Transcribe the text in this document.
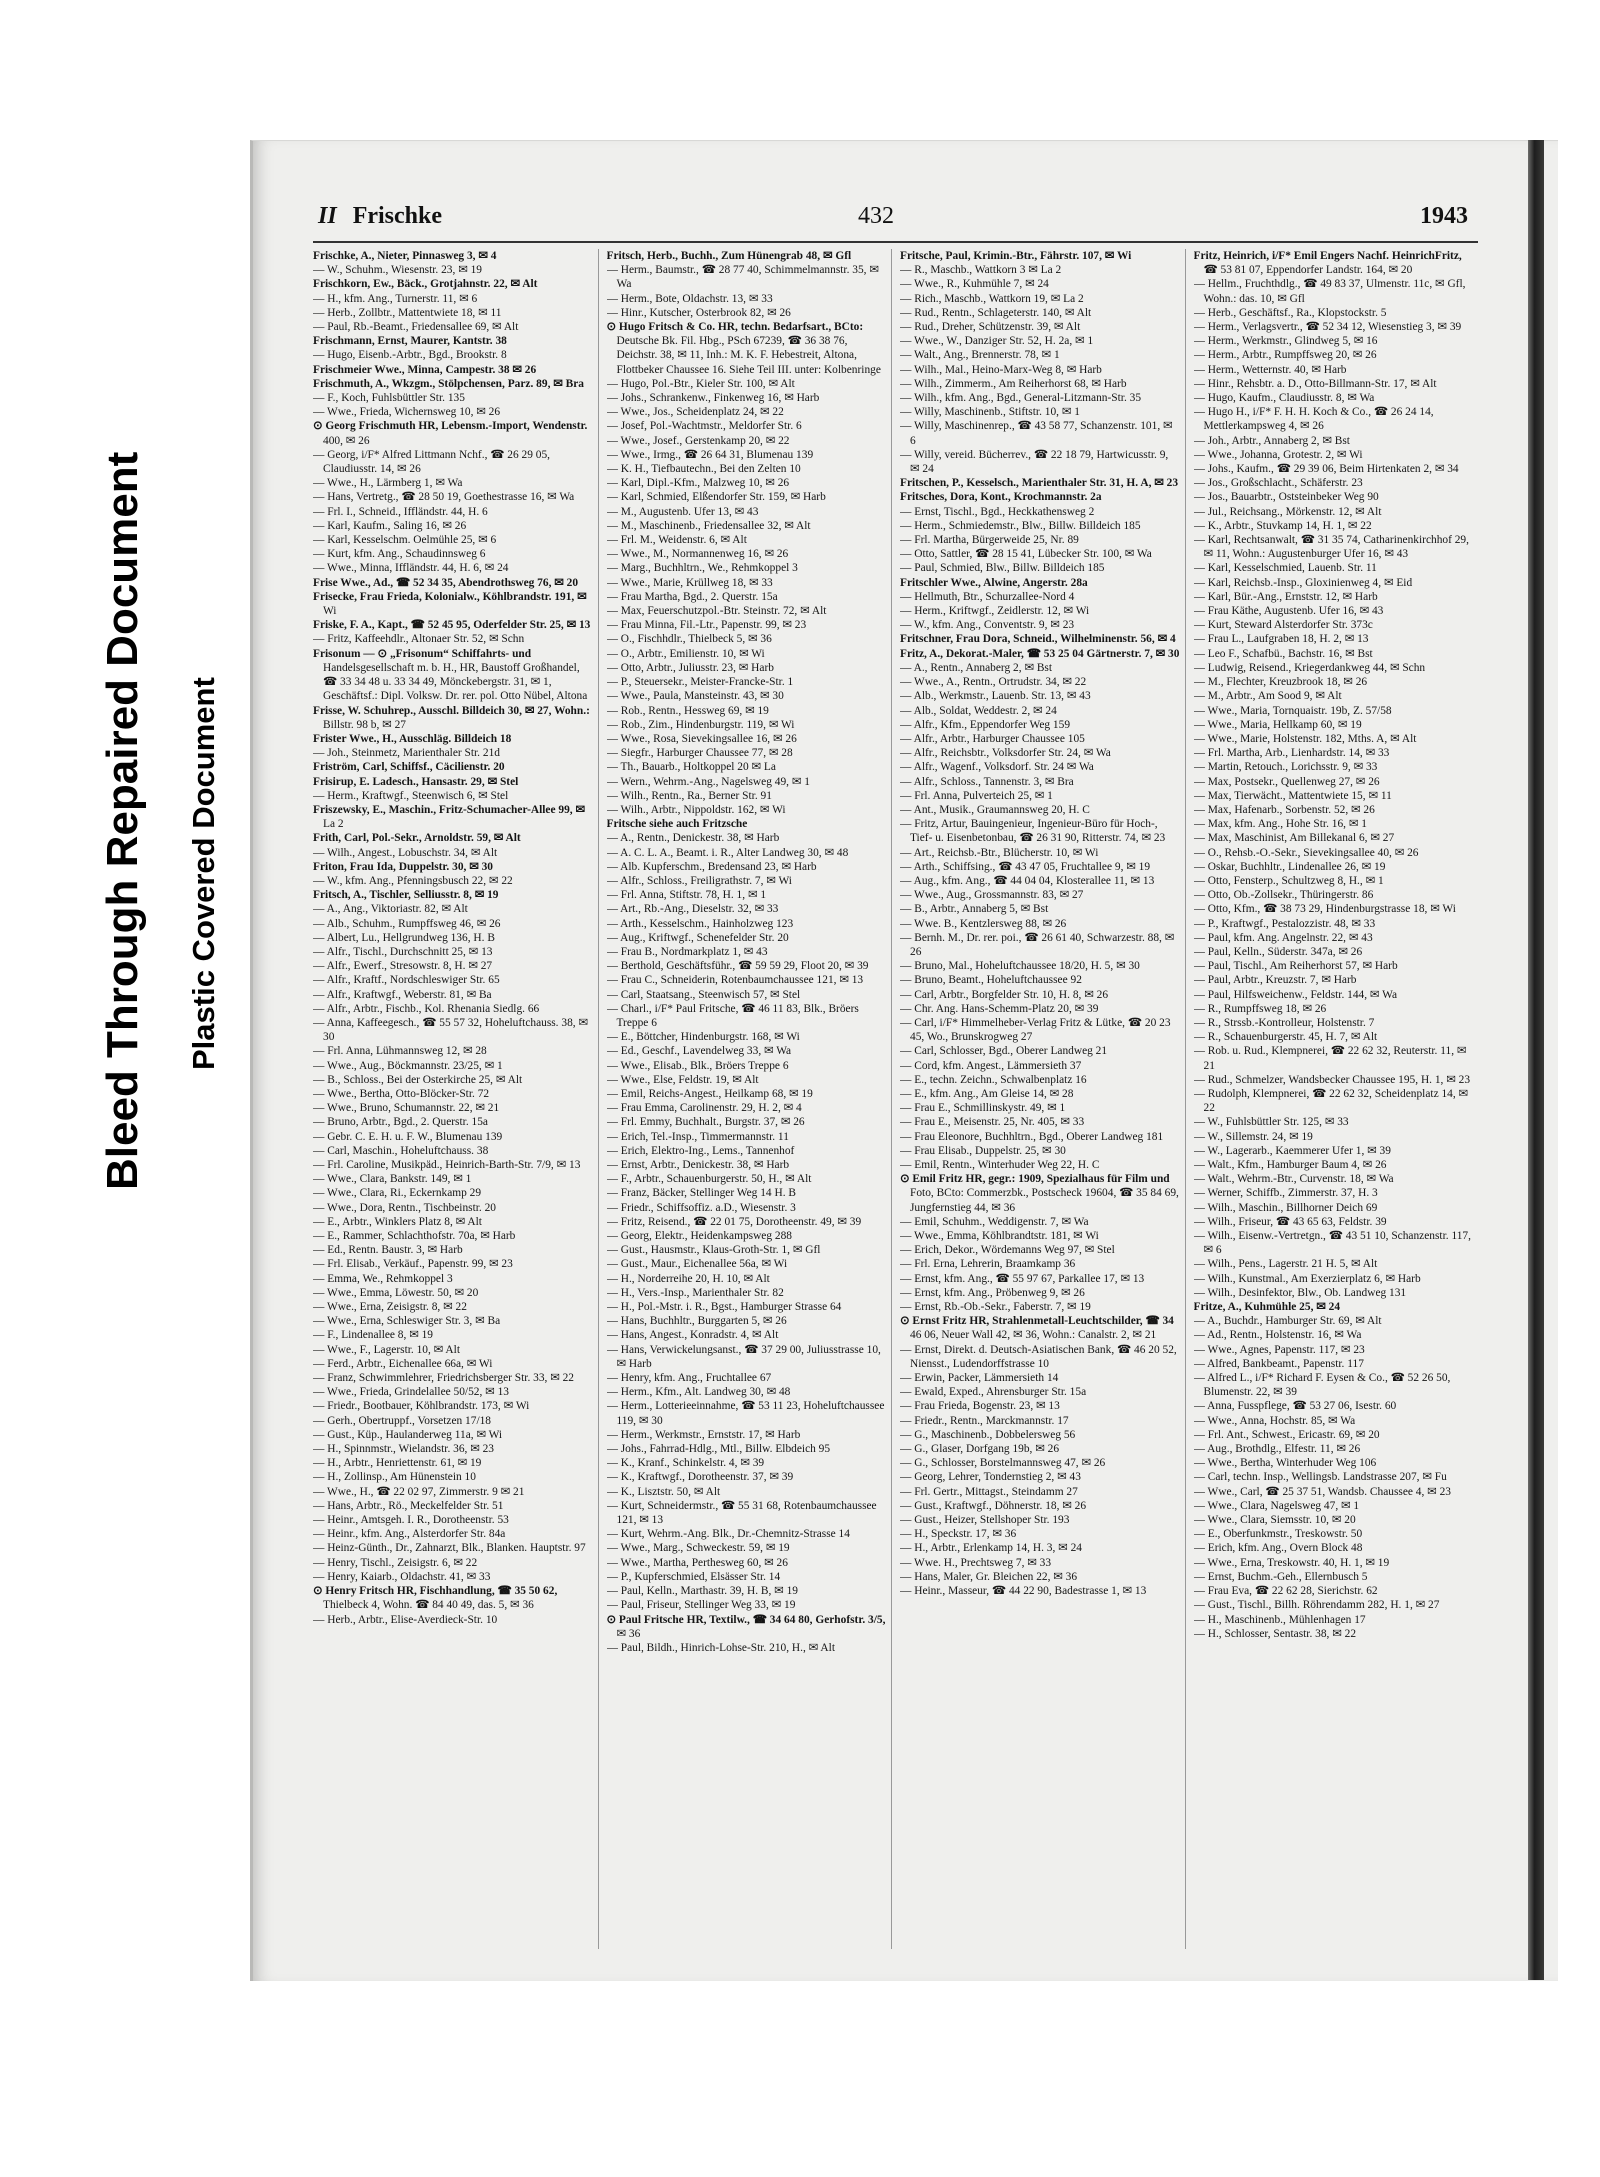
Bleed Through Repaired Document Plastic Covered Document
II Frischke	432	1943

Frischke, A., Nieter, Pinnasweg 3, ✉ 4

— W., Schuhm., Wiesenstr. 23, ✉ 19

Frischkorn, Ew., Bäck., Grotjahnstr. 22, ✉ Alt

— H., kfm. Ang., Turnerstr. 11, ✉ 6

— Herb., Zollbtr., Mattentwiete 18, ✉ 11

— Paul, Rb.-Beamt., Friedensallee 69, ✉ Alt

Frischmann, Ernst, Maurer, Kantstr. 38

— Hugo, Eisenb.-Arbtr., Bgd., Brookstr. 8

Frischmeier Wwe., Minna, Campestr. 38 ✉ 26

Frischmuth, A., Wkzgm., Stölpchensen, Parz. 89, ✉ Bra

— F., Koch, Fuhlsbüttler Str. 135

— Wwe., Frieda, Wichernsweg 10, ✉ 26

⊙ Georg Frischmuth HR, Lebensm.-Import, Wendenstr. 400, ✉ 26

— Georg, i/F* Alfred Littmann Nchf., ☎ 26 29 05, Claudiusstr. 14, ✉ 26

— Wwe., H., Lärmberg 1, ✉ Wa

— Hans, Vertretg., ☎ 28 50 19, Goethestrasse 16, ✉ Wa

— Frl. I., Schneid., Iffländstr. 44, H. 6

— Karl, Kaufm., Saling 16, ✉ 26

— Karl, Kesselschm. Oelmühle 25, ✉ 6

— Kurt, kfm. Ang., Schaudinnsweg 6

— Wwe., Minna, Iffländstr. 44, H. 6, ✉ 24

Frise Wwe., Ad., ☎ 52 34 35, Abendrothsweg 76, ✉ 20

Frisecke, Frau Frieda, Kolonialw., Köhlbrandstr. 191, ✉ Wi

Friske, F. A., Kapt., ☎ 52 45 95, Oderfelder Str. 25, ✉ 13

— Fritz, Kaffeehdlr., Altonaer Str. 52, ✉ Schn

Frisonum — ⊙ „Frisonum“ Schiffahrts- und Handelsgesellschaft m. b. H., HR, Baustoff Großhandel, ☎ 33 34 48 u. 33 34 49, Mönckebergstr. 31, ✉ 1, Geschäftsf.: Dipl. Volksw. Dr. rer. pol. Otto Nübel, Altona

Frisse, W. Schuhrep., Ausschl. Billdeich 30, ✉ 27, Wohn.: Billstr. 98 b, ✉ 27

Frister Wwe., H., Ausschläg. Billdeich 18

— Joh., Steinmetz, Marienthaler Str. 21d

Friström, Carl, Schiffsf., Cäcilienstr. 20

Frisirup, E. Ladesch., Hansastr. 29, ✉ Stel

— Herm., Kraftwgf., Steenwisch 6, ✉ Stel

Friszewsky, E., Maschin., Fritz-Schumacher-Allee 99, ✉ La 2

Frith, Carl, Pol.-Sekr., Arnoldstr. 59, ✉ Alt

— Wilh., Angest., Lobuschstr. 34, ✉ Alt

Friton, Frau Ida, Duppelstr. 30, ✉ 30

— W., kfm. Ang., Pfenningsbusch 22, ✉ 22

Fritsch, A., Tischler, Selliusstr. 8, ✉ 19

— A., Ang., Viktoriastr. 82, ✉ Alt

— Alb., Schuhm., Rumpffsweg 46, ✉ 26

— Albert, Lu., Hellgrundweg 136, H. B

— Alfr., Tischl., Durchschnitt 25, ✉ 13

— Alfr., Ewerf., Stresowstr. 8, H. ✉ 27

— Alfr., Kraftf., Nordschleswiger Str. 65

— Alfr., Kraftwgf., Weberstr. 81, ✉ Ba

— Alfr., Arbtr., Fischb., Kol. Rhenania Siedlg. 66

— Anna, Kaffeegesch., ☎ 55 57 32, Hoheluftchauss. 38, ✉ 30

— Frl. Anna, Lühmannsweg 12, ✉ 28

— Wwe., Aug., Böckmannstr. 23/25, ✉ 1

— B., Schloss., Bei der Osterkirche 25, ✉ Alt

— Wwe., Bertha, Otto-Blöcker-Str. 72

— Wwe., Bruno, Schumannstr. 22, ✉ 21

— Bruno, Arbtr., Bgd., 2. Querstr. 15a

— Gebr. C. E. H. u. F. W., Blumenau 139

— Carl, Maschin., Hoheluftchauss. 38

— Frl. Caroline, Musikpäd., Heinrich-Barth-Str. 7/9, ✉ 13

— Wwe., Clara, Bankstr. 149, ✉ 1

— Wwe., Clara, Ri., Eckernkamp 29

— Wwe., Dora, Rentn., Tischbeinstr. 20

— E., Arbtr., Winklers Platz 8, ✉ Alt

— E., Rammer, Schlachthofstr. 70a, ✉ Harb

— Ed., Rentn. Baustr. 3, ✉ Harb

— Frl. Elisab., Verkäuf., Papenstr. 99, ✉ 23

— Emma, We., Rehmkoppel 3

— Wwe., Emma, Löwestr. 50, ✉ 20

— Wwe., Erna, Zeisigstr. 8, ✉ 22

— Wwe., Erna, Schleswiger Str. 3, ✉ Ba

— F., Lindenallee 8, ✉ 19

— Wwe., F., Lagerstr. 10, ✉ Alt

— Ferd., Arbtr., Eichenallee 66a, ✉ Wi

— Franz, Schwimmlehrer, Friedrichsberger Str. 33, ✉ 22

— Wwe., Frieda, Grindelallee 50/52, ✉ 13

— Friedr., Bootbauer, Köhlbrandstr. 173, ✉ Wi

— Gerh., Obertruppf., Vorsetzen 17/18

— Gust., Küp., Haulanderweg 11a, ✉ Wi

— H., Spinnmstr., Wielandstr. 36, ✉ 23

— H., Arbtr., Henriettenstr. 61, ✉ 19

— H., Zollinsp., Am Hünenstein 10

— Wwe., H., ☎ 22 02 97, Zimmerstr. 9 ✉ 21

— Hans, Arbtr., Rö., Meckelfelder Str. 51

— Heinr., Amtsgeh. I. R., Dorotheenstr. 53

— Heinr., kfm. Ang., Alsterdorfer Str. 84a

— Heinz-Günth., Dr., Zahnarzt, Blk., Blanken. Hauptstr. 97

— Henry, Tischl., Zeisigstr. 6, ✉ 22

— Henry, Kaiarb., Oldachstr. 41, ✉ 33

⊙ Henry Fritsch HR, Fischhandlung, ☎ 35 50 62, Thielbeck 4, Wohn. ☎ 84 40 49, das. 5, ✉ 36

— Herb., Arbtr., Elise-Averdieck-Str. 10

Fritsch, Herb., Buchh., Zum Hünengrab 48, ✉ Gfl

— Herm., Baumstr., ☎ 28 77 40, Schimmelmannstr. 35, ✉ Wa

— Herm., Bote, Oldachstr. 13, ✉ 33

— Hinr., Kutscher, Osterbrook 82, ✉ 26

⊙ Hugo Fritsch & Co. HR, techn. Bedarfsart., BCto: Deutsche Bk. Fil. Hbg., PSch 67239, ☎ 36 38 76, Deichstr. 38, ✉ 11, Inh.: M. K. F. Hebestreit, Altona, Flottbeker Chaussee 16. Siehe Teil III. unter: Kolbenringe

— Hugo, Pol.-Btr., Kieler Str. 100, ✉ Alt

— Johs., Schrankenw., Finkenweg 16, ✉ Harb

— Wwe., Jos., Scheidenplatz 24, ✉ 22

— Josef, Pol.-Wachtmstr., Meldorfer Str. 6

— Wwe., Josef., Gerstenkamp 20, ✉ 22

— Wwe., Irmg., ☎ 26 64 31, Blumenau 139

— K. H., Tiefbautechn., Bei den Zelten 10

— Karl, Dipl.-Kfm., Malzweg 10, ✉ 26

— Karl, Schmied, Elßendorfer Str. 159, ✉ Harb

— M., Augustenb. Ufer 13, ✉ 43

— M., Maschinenb., Friedensallee 32, ✉ Alt

— Frl. M., Weidenstr. 6, ✉ Alt

— Wwe., M., Normannenweg 16, ✉ 26

— Marg., Buchhltrn., We., Rehmkoppel 3

— Wwe., Marie, Krüllweg 18, ✉ 33

— Frau Martha, Bgd., 2. Querstr. 15a

— Max, Feuerschutzpol.-Btr. Steinstr. 72, ✉ Alt

— Frau Minna, Fil.-Ltr., Papenstr. 99, ✉ 23

— O., Fischhdlr., Thielbeck 5, ✉ 36

— O., Arbtr., Emilienstr. 10, ✉ Wi

— Otto, Arbtr., Juliusstr. 23, ✉ Harb

— P., Steuersekr., Meister-Francke-Str. 1

— Wwe., Paula, Mansteinstr. 43, ✉ 30

— Rob., Rentn., Hessweg 69, ✉ 19

— Rob., Zim., Hindenburgstr. 119, ✉ Wi

— Wwe., Rosa, Sievekingsallee 16, ✉ 26

— Siegfr., Harburger Chaussee 77, ✉ 28

— Th., Bauarb., Holtkoppel 20 ✉ La

— Wern., Wehrm.-Ang., Nagelsweg 49, ✉ 1

— Wilh., Rentn., Ra., Berner Str. 91

— Wilh., Arbtr., Nippoldstr. 162, ✉ Wi

Fritsche siehe auch Fritzsche

— A., Rentn., Denickestr. 38, ✉ Harb

— A. C. L. A., Beamt. i. R., Alter Landweg 30, ✉ 48

— Alb. Kupferschm., Bredensand 23, ✉ Harb

— Alfr., Schloss., Freiligrathstr. 7, ✉ Wi

— Frl. Anna, Stiftstr. 78, H. 1, ✉ 1

— Art., Rb.-Ang., Dieselstr. 32, ✉ 33

— Arth., Kesselschm., Hainholzweg 123

— Aug., Kriftwgf., Schenefelder Str. 20

— Frau B., Nordmarkplatz 1, ✉ 43

— Berthold, Geschäftsführ., ☎ 59 59 29, Floot 20, ✉ 39

— Frau C., Schneiderin, Rotenbaumchaussee 121, ✉ 13

— Carl, Staatsang., Steenwisch 57, ✉ Stel

— Charl., i/F* Paul Fritsche, ☎ 46 11 83, Blk., Bröers Treppe 6

— E., Böttcher, Hindenburgstr. 168, ✉ Wi

— Ed., Geschf., Lavendelweg 33, ✉ Wa

— Wwe., Elisab., Blk., Bröers Treppe 6

— Wwe., Else, Feldstr. 19, ✉ Alt

— Emil, Reichs-Angest., Heilkamp 68, ✉ 19

— Frau Emma, Carolinenstr. 29, H. 2, ✉ 4

— Frl. Emmy, Buchhalt., Burgstr. 37, ✉ 26

— Erich, Tel.-Insp., Timmermannstr. 11

— Erich, Elektro-Ing., Lems., Tannenhof

— Ernst, Arbtr., Denickestr. 38, ✉ Harb

— F., Arbtr., Schauenburgerstr. 50, H., ✉ Alt

— Franz, Bäcker, Stellinger Weg 14 H. B

— Friedr., Schiffsoffiz. a.D., Wiesenstr. 3

— Fritz, Reisend., ☎ 22 01 75, Dorotheenstr. 49, ✉ 39

— Georg, Elektr., Heidenkampsweg 288

— Gust., Hausmstr., Klaus-Groth-Str. 1, ✉ Gfl

— Gust., Maur., Eichenallee 56a, ✉ Wi

— H., Norderreihe 20, H. 10, ✉ Alt

— H., Vers.-Insp., Marienthaler Str. 82

— H., Pol.-Mstr. i. R., Bgst., Hamburger Strasse 64

— Hans, Buchhltr., Burggarten 5, ✉ 26

— Hans, Angest., Konradstr. 4, ✉ Alt

— Hans, Verwickelungsanst., ☎ 37 29 00, Juliusstrasse 10, ✉ Harb

— Henry, kfm. Ang., Fruchtallee 67

— Herm., Kfm., Alt. Landweg 30, ✉ 48

— Herm., Lotterieeinnahme, ☎ 53 11 23, Hoheluftchaussee 119, ✉ 30

— Herm., Werkmstr., Ernststr. 17, ✉ Harb

— Johs., Fahrrad-Hdlg., Mtl., Billw. Elbdeich 95

— K., Kranf., Schinkelstr. 4, ✉ 39

— K., Kraftwgf., Dorotheenstr. 37, ✉ 39

— K., Lisztstr. 50, ✉ Alt

— Kurt, Schneidermstr., ☎ 55 31 68, Rotenbaumchaussee 121, ✉ 13

— Kurt, Wehrm.-Ang. Blk., Dr.-Chemnitz-Strasse 14

— Wwe., Marg., Schweckestr. 59, ✉ 19

— Wwe., Martha, Perthesweg 60, ✉ 26

— P., Kupferschmied, Elsässer Str. 14

— Paul, Kelln., Marthastr. 39, H. B, ✉ 19

— Paul, Friseur, Stellinger Weg 33, ✉ 19

⊙ Paul Fritsche HR, Textilw., ☎ 34 64 80, Gerhofstr. 3/5, ✉ 36

— Paul, Bildh., Hinrich-Lohse-Str. 210, H., ✉ Alt

Fritsche, Paul, Krimin.-Btr., Fährstr. 107, ✉ Wi

— R., Maschb., Wattkorn 3 ✉ La 2

— Wwe., R., Kuhmühle 7, ✉ 24

— Rich., Maschb., Wattkorn 19, ✉ La 2

— Rud., Rentn., Schlageterstr. 140, ✉ Alt

— Rud., Dreher, Schützenstr. 39, ✉ Alt

— Wwe., W., Danziger Str. 52, H. 2a, ✉ 1

— Walt., Ang., Brennerstr. 78, ✉ 1

— Wilh., Mal., Heino-Marx-Weg 8, ✉ Harb

— Wilh., Zimmerm., Am Reiherhorst 68, ✉ Harb

— Wilh., kfm. Ang., Bgd., General-Litzmann-Str. 35

— Willy, Maschinenb., Stiftstr. 10, ✉ 1

— Willy, Maschinenrep., ☎ 43 58 77, Schanzenstr. 101, ✉ 6

— Willy, vereid. Bücherrev., ☎ 22 18 79, Hartwicusstr. 9, ✉ 24

Fritschen, P., Kesselsch., Marienthaler Str. 31, H. A, ✉ 23

Fritsches, Dora, Kont., Krochmannstr. 2a

— Ernst, Tischl., Bgd., Heckkathensweg 2

— Herm., Schmiedemstr., Blw., Billw. Billdeich 185

— Frl. Martha, Bürgerweide 25, Nr. 89

— Otto, Sattler, ☎ 28 15 41, Lübecker Str. 100, ✉ Wa

— Paul, Schmied, Blw., Billw. Billdeich 185

Fritschler Wwe., Alwine, Angerstr. 28a

— Hellmuth, Btr., Schurzallee-Nord 4

— Herm., Kriftwgf., Zeidlerstr. 12, ✉ Wi

— W., kfm. Ang., Conventstr. 9, ✉ 23

Fritschner, Frau Dora, Schneid., Wilhelminenstr. 56, ✉ 4

Fritz, A., Dekorat.-Maler, ☎ 53 25 04 Gärtnerstr. 7, ✉ 30

— A., Rentn., Annaberg 2, ✉ Bst

— Wwe., A., Rentn., Ortrudstr. 34, ✉ 22

— Alb., Werkmstr., Lauenb. Str. 13, ✉ 43

— Alb., Soldat, Weddestr. 2, ✉ 24

— Alfr., Kfm., Eppendorfer Weg 159

— Alfr., Arbtr., Harburger Chaussee 105

— Alfr., Reichsbtr., Volksdorfer Str. 24, ✉ Wa

— Alfr., Wagenf., Volksdorf. Str. 24 ✉ Wa

— Alfr., Schloss., Tannenstr. 3, ✉ Bra

— Frl. Anna, Pulverteich 25, ✉ 1

— Ant., Musik., Graumannsweg 20, H. C

— Fritz, Artur, Bauingenieur, Ingenieur-Büro für Hoch-, Tief- u. Eisenbetonbau, ☎ 26 31 90, Ritterstr. 74, ✉ 23

— Art., Reichsb.-Btr., Blücherstr. 10, ✉ Wi

— Arth., Schiffsing., ☎ 43 47 05, Fruchtallee 9, ✉ 19

— Aug., kfm. Ang., ☎ 44 04 04, Klosterallee 11, ✉ 13

— Wwe., Aug., Grossmannstr. 83, ✉ 27

— B., Arbtr., Annaberg 5, ✉ Bst

— Wwe. B., Kentzlersweg 88, ✉ 26

— Bernh. M., Dr. rer. poi., ☎ 26 61 40, Schwarzestr. 88, ✉ 26

— Bruno, Mal., Hoheluftchaussee 18/20, H. 5, ✉ 30

— Bruno, Beamt., Hoheluftchaussee 92

— Carl, Arbtr., Borgfelder Str. 10, H. 8, ✉ 26

— Chr. Ang. Hans-Schemm-Platz 20, ✉ 39

— Carl, i/F* Himmelheber-Verlag Fritz & Lütke, ☎ 20 23 45, Wo., Brunskrogweg 27

— Carl, Schlosser, Bgd., Oberer Landweg 21

— Cord, kfm. Angest., Lämmersieth 37

— E., techn. Zeichn., Schwalbenplatz 16

— E., kfm. Ang., Am Gleise 14, ✉ 28

— Frau E., Schmillinskystr. 49, ✉ 1

— Frau E., Meisenstr. 25, Nr. 405, ✉ 33

— Frau Eleonore, Buchhltrn., Bgd., Oberer Landweg 181

— Frau Elisab., Duppelstr. 25, ✉ 30

— Emil, Rentn., Winterhuder Weg 22, H. C

⊙ Emil Fritz HR, gegr.: 1909, Spezialhaus für Film und Foto, BCto: Commerzbk., Postscheck 19604, ☎ 35 84 69, Jungfernstieg 44, ✉ 36

— Emil, Schuhm., Weddigenstr. 7, ✉ Wa

— Wwe., Emma, Köhlbrandtstr. 181, ✉ Wi

— Erich, Dekor., Wördemanns Weg 97, ✉ Stel

— Frl. Erna, Lehrerin, Braamkamp 36

— Ernst, kfm. Ang., ☎ 55 97 67, Parkallee 17, ✉ 13

— Ernst, kfm. Ang., Pröbenweg 9, ✉ 26

— Ernst, Rb.-Ob.-Sekr., Faberstr. 7, ✉ 19

⊙ Ernst Fritz HR, Strahlenmetall-Leuchtschilder, ☎ 34 46 06, Neuer Wall 42, ✉ 36, Wohn.: Canalstr. 2, ✉ 21

— Ernst, Direkt. d. Deutsch-Asiatischen Bank, ☎ 46 20 52, Niensst., Ludendorffstrasse 10

— Erwin, Packer, Lämmersieth 14

— Ewald, Exped., Ahrensburger Str. 15a

— Frau Frieda, Bogenstr. 23, ✉ 13

— Friedr., Rentn., Marckmannstr. 17

— G., Maschinenb., Dobbelersweg 56

— G., Glaser, Dorfgang 19b, ✉ 26

— G., Schlosser, Borstelmannsweg 47, ✉ 26

— Georg, Lehrer, Tondernstieg 2, ✉ 43

— Frl. Gertr., Mittagst., Steindamm 27

— Gust., Kraftwgf., Döhnerstr. 18, ✉ 26

— Gust., Heizer, Stellshoper Str. 193

— H., Speckstr. 17, ✉ 36

— H., Arbtr., Erlenkamp 14, H. 3, ✉ 24

— Wwe. H., Prechtsweg 7, ✉ 33

— Hans, Maler, Gr. Bleichen 22, ✉ 36

— Heinr., Masseur, ☎ 44 22 90, Badestrasse 1, ✉ 13

Fritz, Heinrich, i/F* Emil Engers Nachf. HeinrichFritz, ☎ 53 81 07, Eppendorfer Landstr. 164, ✉ 20

— Hellm., Fruchthdlg., ☎ 49 83 37, Ulmenstr. 11c, ✉ Gfl, Wohn.: das. 10, ✉ Gfl

— Herb., Geschäftsf., Ra., Klopstockstr. 5

— Herm., Verlagsvertr., ☎ 52 34 12, Wiesenstieg 3, ✉ 39

— Herm., Werkmstr., Glindweg 5, ✉ 16

— Herm., Arbtr., Rumpffsweg 20, ✉ 26

— Herm., Wetternstr. 40, ✉ Harb

— Hinr., Rehsbtr. a. D., Otto-Billmann-Str. 17, ✉ Alt

— Hugo, Kaufm., Claudiusstr. 8, ✉ Wa

— Hugo H., i/F* F. H. H. Koch & Co., ☎ 26 24 14, Mettlerkampsweg 4, ✉ 26

— Joh., Arbtr., Annaberg 2, ✉ Bst

— Wwe., Johanna, Grotestr. 2, ✉ Wi

— Johs., Kaufm., ☎ 29 39 06, Beim Hirtenkaten 2, ✉ 34

— Jos., Großschlacht., Schäferstr. 23

— Jos., Bauarbtr., Oststeinbeker Weg 90

— Jul., Reichsang., Mörkenstr. 12, ✉ Alt

— K., Arbtr., Stuvkamp 14, H. 1, ✉ 22

— Karl, Rechtsanwalt, ☎ 31 35 74, Catharinenkirchhof 29, ✉ 11, Wohn.: Augustenburger Ufer 16, ✉ 43

— Karl, Kesselschmied, Lauenb. Str. 11

— Karl, Reichsb.-Insp., Gloxinienweg 4, ✉ Eid

— Karl, Bür.-Ang., Ernststr. 12, ✉ Harb

— Frau Käthe, Augustenb. Ufer 16, ✉ 43

— Kurt, Steward Alsterdorfer Str. 373c

— Frau L., Laufgraben 18, H. 2, ✉ 13

— Leo F., Schafbü., Bachstr. 16, ✉ Bst

— Ludwig, Reisend., Kriegerdankweg 44, ✉ Schn

— M., Flechter, Kreuzbrook 18, ✉ 26

— M., Arbtr., Am Sood 9, ✉ Alt

— Wwe., Maria, Tornquaistr. 19b, Z. 57/58

— Wwe., Maria, Hellkamp 60, ✉ 19

— Wwe., Marie, Holstenstr. 182, Mths. A, ✉ Alt

— Frl. Martha, Arb., Lienhardstr. 14, ✉ 33

— Martin, Retouch., Lorichsstr. 9, ✉ 33

— Max, Postsekr., Quellenweg 27, ✉ 26

— Max, Tierwächt., Mattentwiete 15, ✉ 11

— Max, Hafenarb., Sorbenstr. 52, ✉ 26

— Max, kfm. Ang., Hohe Str. 16, ✉ 1

— Max, Maschinist, Am Billekanal 6, ✉ 27

— O., Rehsb.-O.-Sekr., Sievekingsallee 40, ✉ 26

— Oskar, Buchhltr., Lindenallee 26, ✉ 19

— Otto, Fensterp., Schultzweg 8, H., ✉ 1

— Otto, Ob.-Zollsekr., Thüringerstr. 86

— Otto, Kfm., ☎ 38 73 29, Hindenburgstrasse 18, ✉ Wi

— P., Kraftwgf., Pestalozzistr. 48, ✉ 33

— Paul, kfm. Ang. Angelnstr. 22, ✉ 43

— Paul, Kelln., Süderstr. 347a, ✉ 26

— Paul, Tischl., Am Reiherhorst 57, ✉ Harb

— Paul, Arbtr., Kreuzstr. 7, ✉ Harb

— Paul, Hilfsweichenw., Feldstr. 144, ✉ Wa

— R., Rumpffsweg 18, ✉ 26

— R., Strssb.-Kontrolleur, Holstenstr. 7

— R., Schauenburgerstr. 45, H. 7, ✉ Alt

— Rob. u. Rud., Klempnerei, ☎ 22 62 32, Reuterstr. 11, ✉ 21

— Rud., Schmelzer, Wandsbecker Chaussee 195, H. 1, ✉ 23

— Rudolph, Klempnerei, ☎ 22 62 32, Scheidenplatz 14, ✉ 22

— W., Fuhlsbüttler Str. 125, ✉ 33

— W., Sillemstr. 24, ✉ 19

— W., Lagerarb., Kaemmerer Ufer 1, ✉ 39

— Walt., Kfm., Hamburger Baum 4, ✉ 26

— Walt., Wehrm.-Btr., Curvenstr. 18, ✉ Wa

— Werner, Schiffb., Zimmerstr. 37, H. 3

— Wilh., Maschin., Billhorner Deich 69

— Wilh., Friseur, ☎ 43 65 63, Feldstr. 39

— Wilh., Eisenw.-Vertretgn., ☎ 43 51 10, Schanzenstr. 117, ✉ 6

— Wilh., Pens., Lagerstr. 21 H. 5, ✉ Alt

— Wilh., Kunstmal., Am Exerzierplatz 6, ✉ Harb

— Wilh., Desinfektor, Blw., Ob. Landweg 131

Fritze, A., Kuhmühle 25, ✉ 24

— A., Buchdr., Hamburger Str. 69, ✉ Alt

— Ad., Rentn., Holstenstr. 16, ✉ Wa

— Wwe., Agnes, Papenstr. 117, ✉ 23

— Alfred, Bankbeamt., Papenstr. 117

— Alfred L., i/F* Richard F. Eysen & Co., ☎ 52 26 50, Blumenstr. 22, ✉ 39

— Anna, Fusspflege, ☎ 53 27 06, Isestr. 60

— Wwe., Anna, Hochstr. 85, ✉ Wa

— Frl. Ant., Schwest., Ericastr. 69, ✉ 20

— Aug., Brothdlg., Elfestr. 11, ✉ 26

— Wwe., Bertha, Winterhuder Weg 106

— Carl, techn. Insp., Wellingsb. Landstrasse 207, ✉ Fu

— Wwe., Carl, ☎ 25 37 51, Wandsb. Chaussee 4, ✉ 23

— Wwe., Clara, Nagelsweg 47, ✉ 1

— Wwe., Clara, Siemsstr. 10, ✉ 20

— E., Oberfunkmstr., Treskowstr. 50

— Erich, kfm. Ang., Overn Block 48

— Wwe., Erna, Treskowstr. 40, H. 1, ✉ 19

— Ernst, Buchm.-Geh., Ellernbusch 5

— Frau Eva, ☎ 22 62 28, Sierichstr. 62

— Gust., Tischl., Billh. Röhrendamm 282, H. 1, ✉ 27

— H., Maschinenb., Mühlenhagen 17

— H., Schlosser, Sentastr. 38, ✉ 22
